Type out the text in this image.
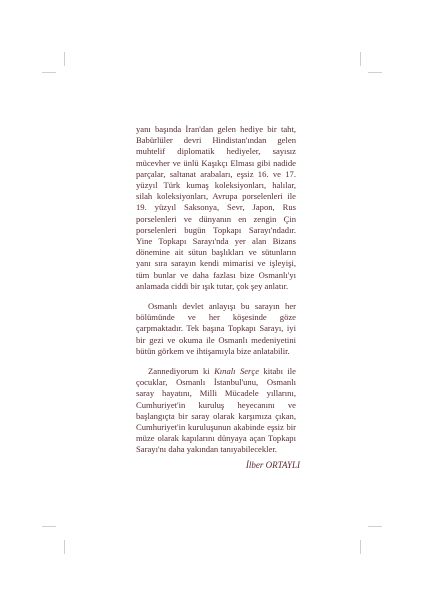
yanı başında İran'dan gelen hediye bir taht, Babürlüler devri Hindistan'ından gelen muhtelif diplomatik hediyeler, sayısız mücevher ve ünlü Kaşıkçı Elması gibi nadide parçalar, saltanat arabaları, eşsiz 16. ve 17. yüzyıl Türk kumaş koleksiyonları, halılar, silah koleksiyonları, Avrupa porselenleri ile 19. yüzyıl Saksonya, Sevr, Japon, Rus porselenleri ve dünyanın en zengin Çin porselenleri bugün Topkapı Sarayı'ndadır. Yine Topkapı Sarayı'nda yer alan Bizans dönemine ait sütun başlıkları ve sütunların yanı sıra sarayın kendi mimarisi ve işleyişi, tüm bunlar ve daha fazlası bize Osmanlı'yı anlamada ciddi bir ışık tutar, çok şey anlatır.

Osmanlı devlet anlayışı bu sarayın her bölümünde ve her köşesinde göze çarpmaktadır. Tek başına Topkapı Sarayı, iyi bir gezi ve okuma ile Osmanlı medeniyetini bütün görkem ve ihtişamıyla bize anlatabilir.

Zannediyorum ki Kınalı Serçe kitabı ile çocuklar, Osmanlı İstanbul'unu, Osmanlı saray hayatını, Milli Mücadele yıllarını, Cumhuriyet'in kuruluş heyecanını ve başlangıçta bir saray olarak karşımıza çıkan, Cumhuriyet'in kuruluşunun akabinde eşsiz bir müze olarak kapılarını dünyaya açan Topkapı Sarayı'nı daha yakından tanıyabilecekler.

İlber ORTAYLI
